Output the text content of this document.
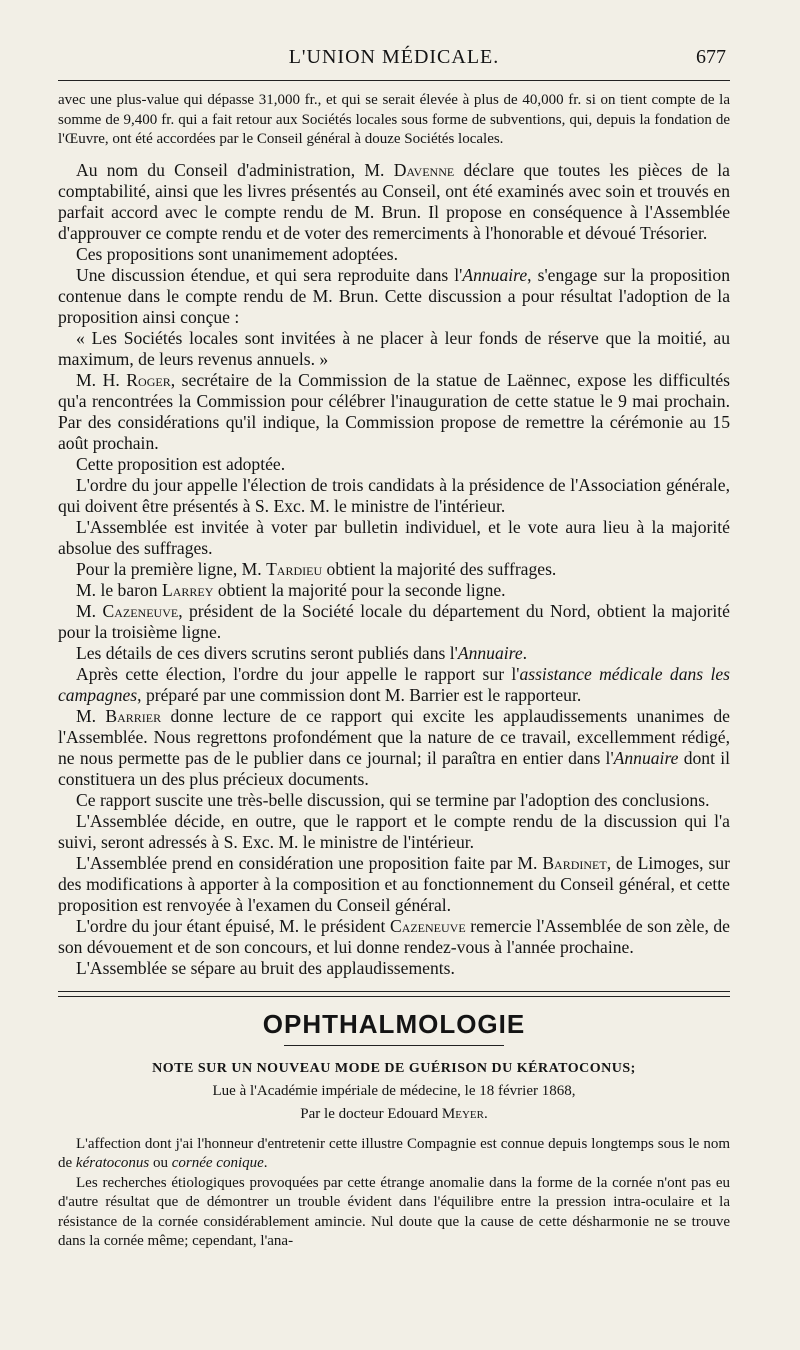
L'UNION MÉDICALE.	677

avec une plus-value qui dépasse 31,000 fr., et qui se serait élevée à plus de 40,000 fr. si on tient compte de la somme de 9,400 fr. qui a fait retour aux Sociétés locales sous forme de subventions, qui, depuis la fondation de l'Œuvre, ont été accordées par le Conseil général à douze Sociétés locales.

Au nom du Conseil d'administration, M. Davenne déclare que toutes les pièces de la comptabilité, ainsi que les livres présentés au Conseil, ont été examinés avec soin et trouvés en parfait accord avec le compte rendu de M. Brun. Il propose en conséquence à l'Assemblée d'approuver ce compte rendu et de voter des remerciments à l'honorable et dévoué Trésorier.

Ces propositions sont unanimement adoptées.

Une discussion étendue, et qui sera reproduite dans l'Annuaire, s'engage sur la proposition contenue dans le compte rendu de M. Brun. Cette discussion a pour résultat l'adoption de la proposition ainsi conçue :

« Les Sociétés locales sont invitées à ne placer à leur fonds de réserve que la moitié, au maximum, de leurs revenus annuels. »

M. H. Roger, secrétaire de la Commission de la statue de Laënnec, expose les difficultés qu'a rencontrées la Commission pour célébrer l'inauguration de cette statue le 9 mai prochain. Par des considérations qu'il indique, la Commission propose de remettre la cérémonie au 15 août prochain.

Cette proposition est adoptée.

L'ordre du jour appelle l'élection de trois candidats à la présidence de l'Association générale, qui doivent être présentés à S. Exc. M. le ministre de l'intérieur.

L'Assemblée est invitée à voter par bulletin individuel, et le vote aura lieu à la majorité absolue des suffrages.

Pour la première ligne, M. Tardieu obtient la majorité des suffrages.

M. le baron Larrey obtient la majorité pour la seconde ligne.

M. Cazeneuve, président de la Société locale du département du Nord, obtient la majorité pour la troisième ligne.

Les détails de ces divers scrutins seront publiés dans l'Annuaire.

Après cette élection, l'ordre du jour appelle le rapport sur l'assistance médicale dans les campagnes, préparé par une commission dont M. Barrier est le rapporteur.

M. Barrier donne lecture de ce rapport qui excite les applaudissements unanimes de l'Assemblée. Nous regrettons profondément que la nature de ce travail, excellemment rédigé, ne nous permette pas de le publier dans ce journal; il paraîtra en entier dans l'Annuaire dont il constituera un des plus précieux documents.

Ce rapport suscite une très-belle discussion, qui se termine par l'adoption des conclusions.

L'Assemblée décide, en outre, que le rapport et le compte rendu de la discussion qui l'a suivi, seront adressés à S. Exc. M. le ministre de l'intérieur.

L'Assemblée prend en considération une proposition faite par M. Bardinet, de Limoges, sur des modifications à apporter à la composition et au fonctionnement du Conseil général, et cette proposition est renvoyée à l'examen du Conseil général.

L'ordre du jour étant épuisé, M. le président Cazeneuve remercie l'Assemblée de son zèle, de son dévouement et de son concours, et lui donne rendez-vous à l'année prochaine.

L'Assemblée se sépare au bruit des applaudissements.

OPHTHALMOLOGIE
NOTE SUR UN NOUVEAU MODE DE GUÉRISON DU KÉRATOCONUS;

Lue à l'Académie impériale de médecine, le 18 février 1868,

Par le docteur Edouard Meyer.

L'affection dont j'ai l'honneur d'entretenir cette illustre Compagnie est connue depuis longtemps sous le nom de kératoconus ou cornée conique.

Les recherches étiologiques provoquées par cette étrange anomalie dans la forme de la cornée n'ont pas eu d'autre résultat que de démontrer un trouble évident dans l'équilibre entre la pression intra-oculaire et la résistance de la cornée considérablement amincie. Nul doute que la cause de cette désharmonie ne se trouve dans la cornée même; cependant, l'ana-
